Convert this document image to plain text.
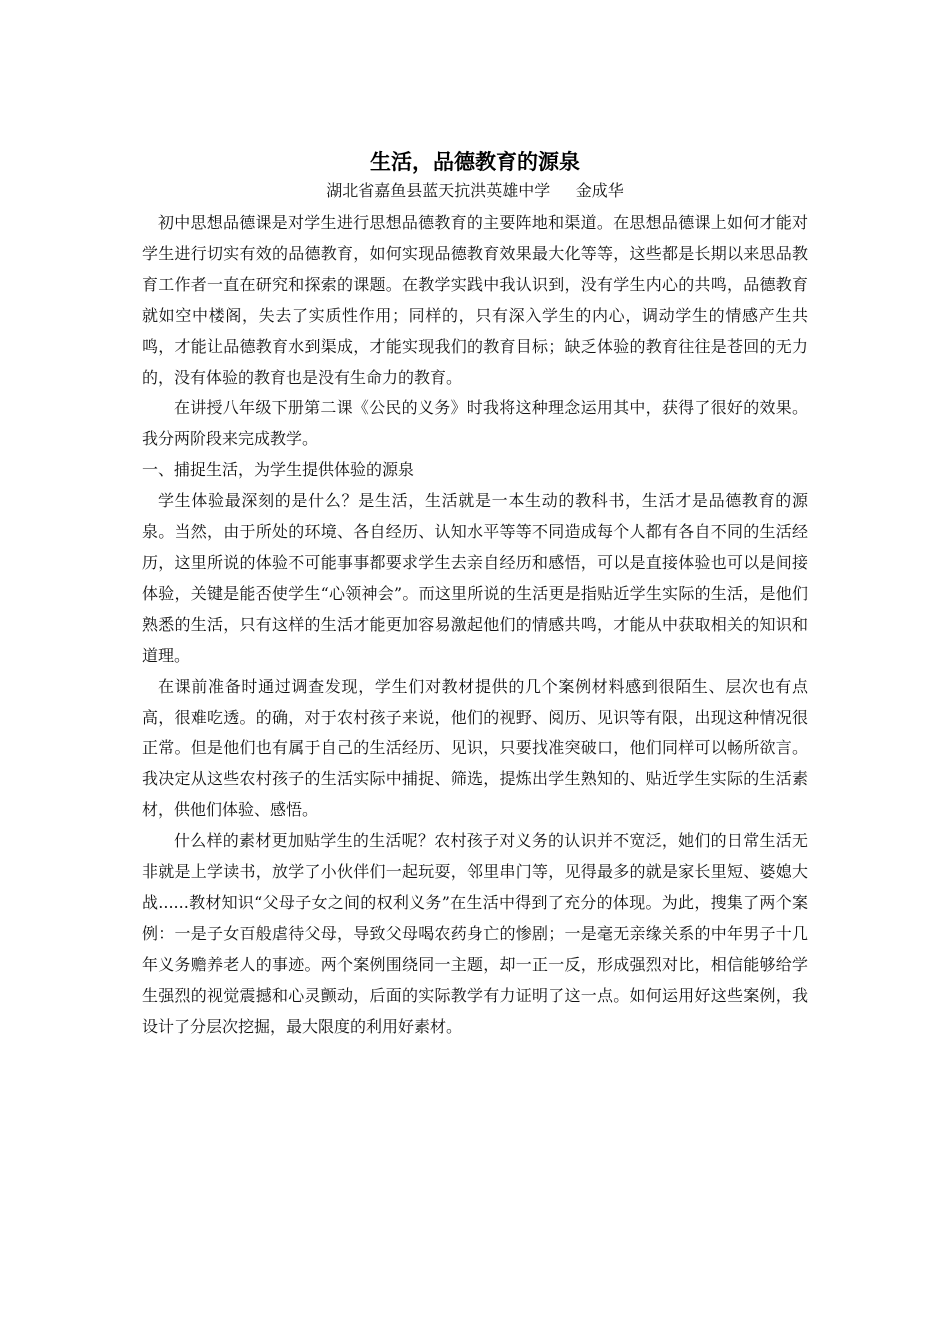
生活，品德教育的源泉
湖北省嘉鱼县蓝天抗洪英雄中学 金成华

初中思想品德课是对学生进行思想品德教育的主要阵地和渠道。在思想品德课上如何才能对学生进行切实有效的品德教育，如何实现品德教育效果最大化等等，这些都是长期以来思品教育工作者一直在研究和探索的课题。在教学实践中我认识到，没有学生内心的共鸣，品德教育就如空中楼阁，失去了实质性作用；同样的，只有深入学生的内心，调动学生的情感产生共鸣，才能让品德教育水到渠成，才能实现我们的教育目标；缺乏体验的教育往往是苍回的无力的，没有体验的教育也是没有生命力的教育。

在讲授八年级下册第二课《公民的义务》时我将这种理念运用其中，获得了很好的效果。我分两阶段来完成教学。

一、捕捉生活，为学生提供体验的源泉

学生体验最深刻的是什么？是生活，生活就是一本生动的教科书，生活才是品德教育的源泉。当然，由于所处的环境、各自经历、认知水平等等不同造成每个人都有各自不同的生活经历，这里所说的体验不可能事事都要求学生去亲自经历和感悟，可以是直接体验也可以是间接体验，关键是能否使学生“心领神会”。而这里所说的生活更是指贴近学生实际的生活，是他们熟悉的生活，只有这样的生活才能更加容易激起他们的情感共鸣，才能从中获取相关的知识和道理。

在课前准备时通过调查发现，学生们对教材提供的几个案例材料感到很陌生、层次也有点高，很难吃透。的确，对于农村孩子来说，他们的视野、阅历、见识等有限，出现这种情况很正常。但是他们也有属于自己的生活经历、见识，只要找准突破口，他们同样可以畅所欲言。我决定从这些农村孩子的生活实际中捕捉、筛选，提炼出学生熟知的、贴近学生实际的生活素材，供他们体验、感悟。

什么样的素材更加贴学生的生活呢？农村孩子对义务的认识并不宽泛，她们的日常生活无非就是上学读书，放学了小伙伴们一起玩耍，邻里串门等，见得最多的就是家长里短、婆媳大战......教材知识“父母子女之间的权利义务”在生活中得到了充分的体现。为此，搜集了两个案例：一是子女百般虐待父母，导致父母喝农药身亡的惨剧；一是毫无亲缘关系的中年男子十几年义务赡养老人的事迹。两个案例围绕同一主题，却一正一反，形成强烈对比，相信能够给学生强烈的视觉震撼和心灵颤动，后面的实际教学有力证明了这一点。如何运用好这些案例，我设计了分层次挖掘，最大限度的利用好素材。
